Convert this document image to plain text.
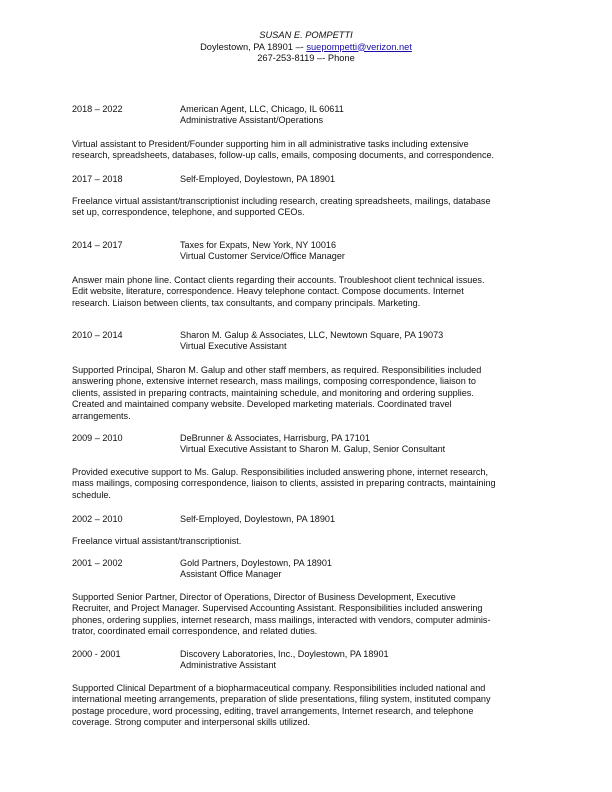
SUSAN E. POMPETTI
Doylestown, PA 18901 –- suepompetti@verizon.net
267-253-8119 –- Phone
2018 – 2022	American Agent, LLC, Chicago, IL 60611
Administrative Assistant/Operations
Virtual assistant to President/Founder supporting him in all administrative tasks including extensive
research, spreadsheets, databases, follow-up calls, emails, composing documents, and correspondence.
2017 – 2018	Self-Employed, Doylestown, PA 18901
Freelance virtual assistant/transcriptionist including research, creating spreadsheets, mailings, database
set up, correspondence, telephone, and supported CEOs.
2014 – 2017	Taxes for Expats, New York, NY 10016
Virtual Customer Service/Office Manager
Answer main phone line. Contact clients regarding their accounts. Troubleshoot client technical issues.
Edit website, literature, correspondence. Heavy telephone contact. Compose documents. Internet
research. Liaison between clients, tax consultants, and company principals. Marketing.
2010 – 2014	Sharon M. Galup & Associates, LLC, Newtown Square, PA 19073
Virtual Executive Assistant
Supported Principal, Sharon M. Galup and other staff members, as required. Responsibilities included
answering phone, extensive internet research, mass mailings, composing correspondence, liaison to
clients, assisted in preparing contracts, maintaining schedule, and monitoring and ordering supplies.
Created and maintained company website. Developed marketing materials. Coordinated travel
arrangements.
2009 – 2010	DeBrunner & Associates, Harrisburg, PA 17101
Virtual Executive Assistant to Sharon M. Galup, Senior Consultant
Provided executive support to Ms. Galup. Responsibilities included answering phone, internet research,
mass mailings, composing correspondence, liaison to clients, assisted in preparing contracts, maintaining
schedule.
2002 – 2010	Self-Employed, Doylestown, PA 18901
Freelance virtual assistant/transcriptionist.
2001 – 2002	Gold Partners, Doylestown, PA 18901
Assistant Office Manager
Supported Senior Partner, Director of Operations, Director of Business Development, Executive
Recruiter, and Project Manager. Supervised Accounting Assistant. Responsibilities included answering
phones, ordering supplies, internet research, mass mailings, interacted with vendors, computer adminis-
trator, coordinated email correspondence, and related duties.
2000 - 2001	Discovery Laboratories, Inc., Doylestown, PA 18901
Administrative Assistant
Supported Clinical Department of a biopharmaceutical company. Responsibilities included national and
international meeting arrangements, preparation of slide presentations, filing system, instituted company
postage procedure, word processing, editing, travel arrangements, Internet research, and telephone
coverage. Strong computer and interpersonal skills utilized.
